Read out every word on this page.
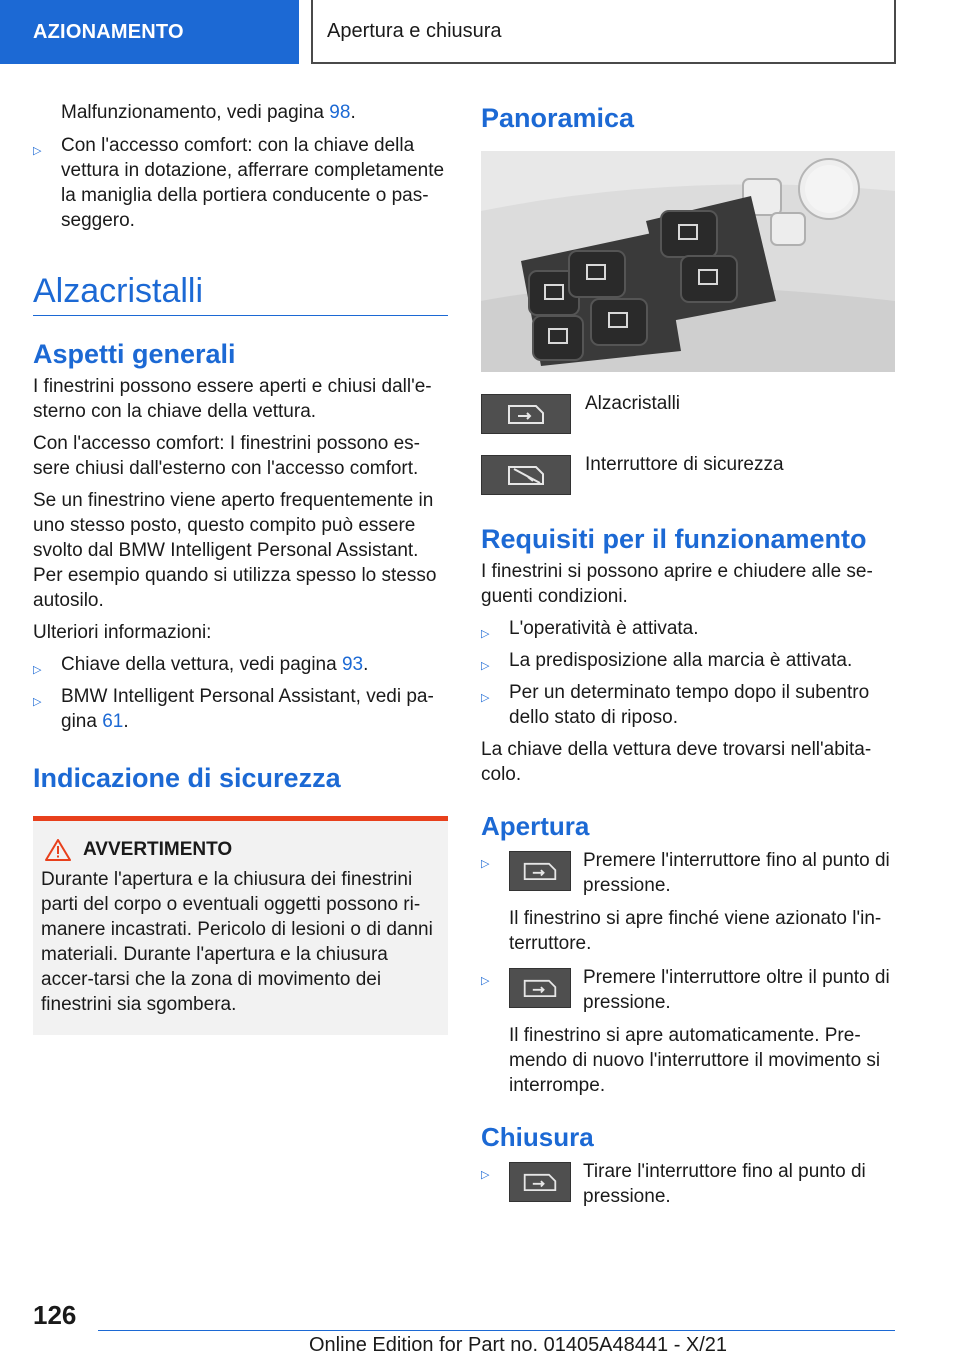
AZIONAMENTO	Apertura e chiusura

Malfunzionamento, vedi pagina 98.

▷ Con l'accesso comfort: con la chiave della vettura in dotazione, afferrare completamente la maniglia della portiera conducente o pas-seggero.
Alzacristalli
Aspetti generali

I finestrini possono essere aperti e chiusi dall'e-sterno con la chiave della vettura.

Con l'accesso comfort: I finestrini possono es-sere chiusi dall'esterno con l'accesso comfort.

Se un finestrino viene aperto frequentemente in uno stesso posto, questo compito può essere svolto dal BMW Intelligent Personal Assistant. Per esempio quando si utilizza spesso lo stesso autosilo.

Ulteriori informazioni:

▷ Chiave della vettura, vedi pagina 93.
▷ BMW Intelligent Personal Assistant, vedi pa-gina 61.
Indicazione di sicurezza
AVVERTIMENTO

Durante l'apertura e la chiusura dei finestrini parti del corpo o eventuali oggetti possono ri-manere incastrati. Pericolo di lesioni o di danni materiali. Durante l'apertura e la chiusura accer-tarsi che la zona di movimento dei finestrini sia sgombera.

Panoramica
Alzacristalli
Interruttore di sicurezza
Requisiti per il funzionamento

I finestrini si possono aprire e chiudere alle se-guenti condizioni.

▷ L'operatività è attivata.
▷ La predisposizione alla marcia è attivata.
▷ Per un determinato tempo dopo il subentro dello stato di riposo.

La chiave della vettura deve trovarsi nell'abita-colo.

Apertura
▷	Premere l'interruttore fino al punto di pressione.

Il finestrino si apre finché viene azionato l'in-terruttore.

▷	Premere l'interruttore oltre il punto di pressione.

Il finestrino si apre automaticamente. Pre-mendo di nuovo l'interruttore il movimento si interrompe.

Chiusura
▷	Tirare l'interruttore fino al punto di pressione.
126
Online Edition for Part no. 01405A48441 - X/21
